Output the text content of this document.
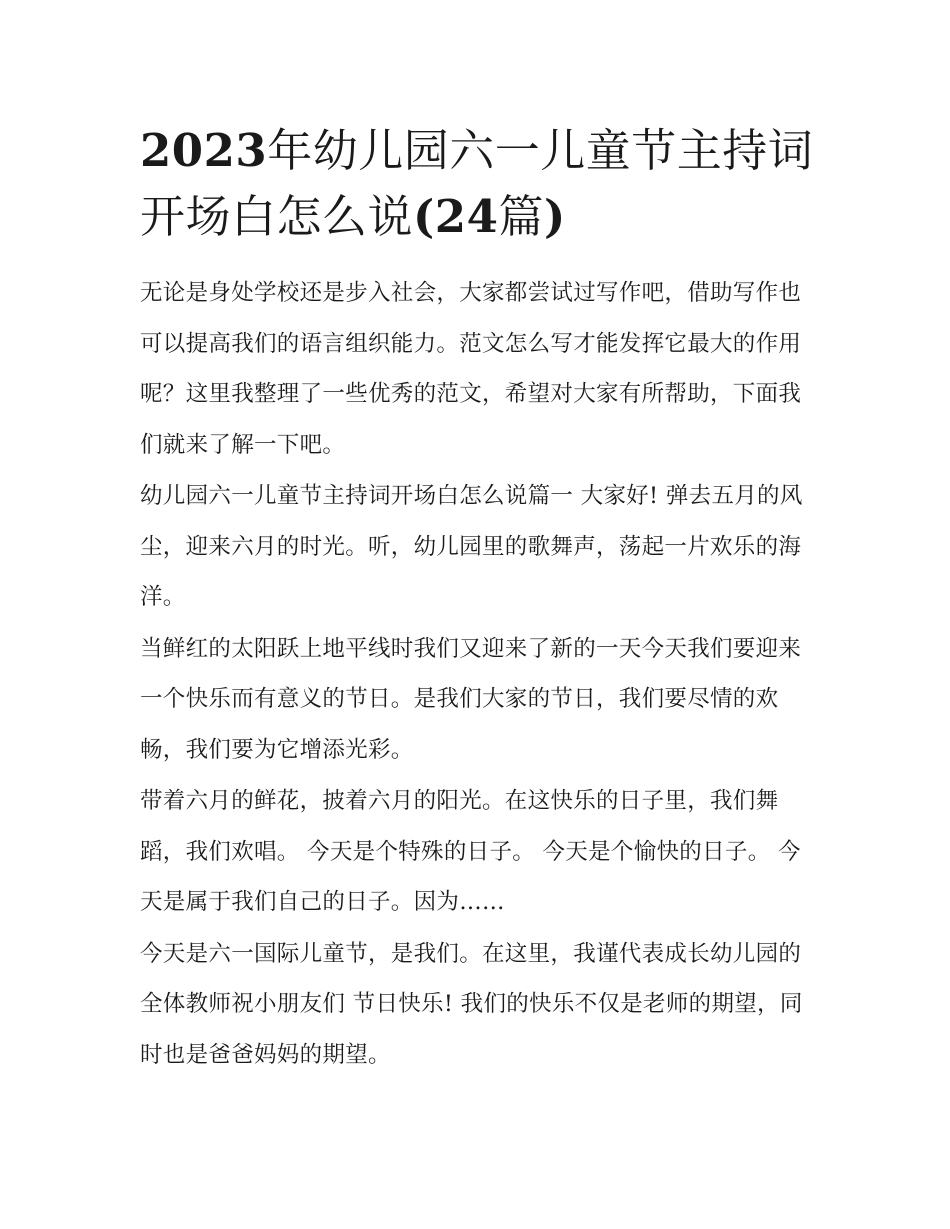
2023年幼儿园六一儿童节主持词开场白怎么说(24篇)

无论是身处学校还是步入社会，大家都尝试过写作吧，借助写作也可以提高我们的语言组织能力。范文怎么写才能发挥它最大的作用呢？这里我整理了一些优秀的范文，希望对大家有所帮助，下面我们就来了解一下吧。

幼儿园六一儿童节主持词开场白怎么说篇一 大家好! 弹去五月的风尘，迎来六月的时光。听，幼儿园里的歌舞声，荡起一片欢乐的海洋。

当鲜红的太阳跃上地平线时我们又迎来了新的一天今天我们要迎来一个快乐而有意义的节日。是我们大家的节日，我们要尽情的欢畅，我们要为它增添光彩。

带着六月的鲜花，披着六月的阳光。在这快乐的日子里，我们舞蹈，我们欢唱。 今天是个特殊的日子。 今天是个愉快的日子。 今天是属于我们自己的日子。因为……

今天是六一国际儿童节，是我们。在这里，我谨代表成长幼儿园的全体教师祝小朋友们 节日快乐! 我们的快乐不仅是老师的期望，同时也是爸爸妈妈的期望。
